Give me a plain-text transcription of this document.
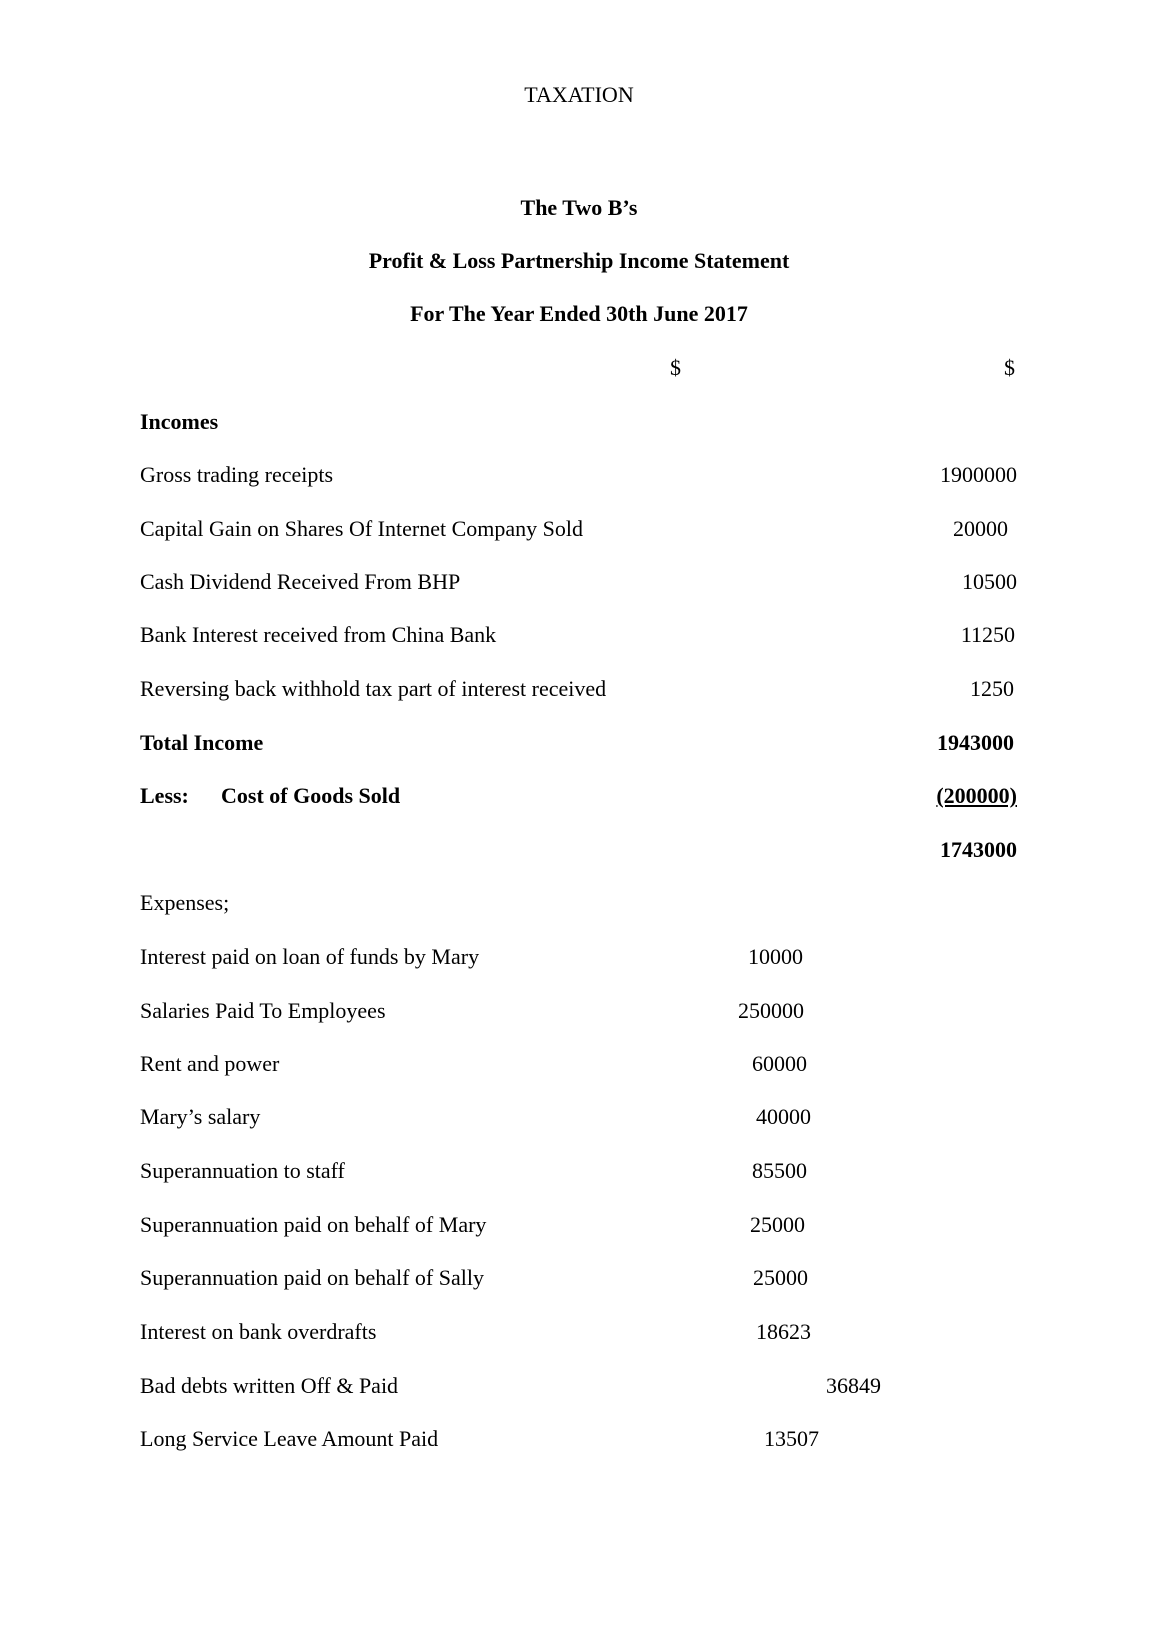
TAXATION
The Two B’s
Profit & Loss Partnership Income Statement
For The Year Ended 30th June 2017
$	$
Incomes
Gross trading receipts	1900000
Capital Gain on Shares Of Internet Company Sold	20000
Cash Dividend Received From BHP	10500
Bank Interest received from China Bank	11250
Reversing back withhold tax part of interest received	1250
Total Income	1943000
Less: Cost of Goods Sold	(200000)
1743000
Expenses;
Interest paid on loan of funds by Mary	10000
Salaries Paid To Employees	250000
Rent and power	60000
Mary’s salary	40000
Superannuation to staff	85500
Superannuation paid on behalf of Mary	25000
Superannuation paid on behalf of Sally	25000
Interest on bank overdrafts	18623
Bad debts written Off & Paid	36849
Long Service Leave Amount Paid	13507
